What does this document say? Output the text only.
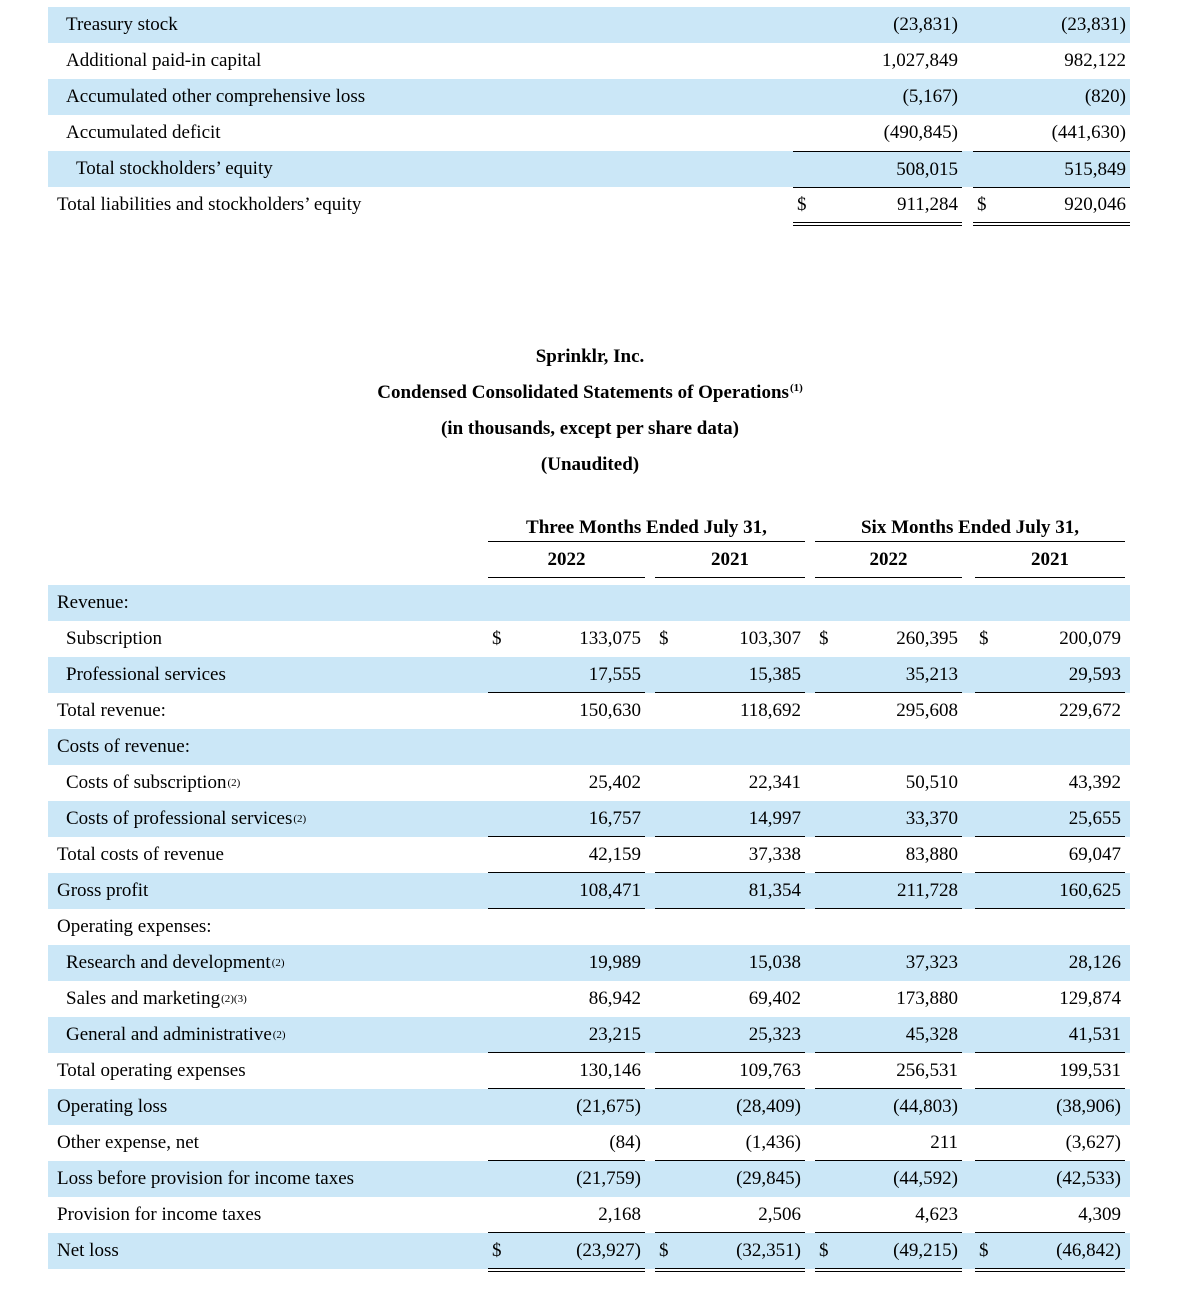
Treasury stock	(23,831)	(23,831)
Additional paid-in capital	1,027,849	982,122
Accumulated other comprehensive loss	(5,167)	(820)
Accumulated deficit	(490,845)	(441,630)
Total stockholders’ equity	508,015	515,849
Total liabilities and stockholders’ equity	$	911,284 $	920,046
Sprinklr, Inc.
Condensed Consolidated Statements of Operations$^{(1)}$
(in thousands, except per share data)
(Unaudited)
Three Months Ended July 31,	Six Months Ended July 31,
2022	2021	2022	2021
Revenue:
Subscription	$	133,075 $	103,307 $	260,395 $	200,079
Professional services	17,555	15,385	35,213	29,593
Total revenue:	150,630	118,692	295,608	229,672
Costs of revenue:
Costs of subscription (2)	25,402	22,341	50,510	43,392
Costs of professional services (2)	16,757	14,997	33,370	25,655
Total costs of revenue	42,159	37,338	83,880	69,047
Gross profit	108,471	81,354	211,728	160,625
Operating expenses:
Research and development (2)	19,989	15,038	37,323	28,126
Sales and marketing (2)(3)	86,942	69,402	173,880	129,874
General and administrative (2)	23,215	25,323	45,328	41,531
Total operating expenses	130,146	109,763	256,531	199,531
Operating loss	(21,675)	(28,409)	(44,803)	(38,906)
Other expense, net	(84)	(1,436)	211	(3,627)
Loss before provision for income taxes	(21,759)	(29,845)	(44,592)	(42,533)
Provision for income taxes	2,168	2,506	4,623	4,309
Net loss	$	(23,927) $	(32,351) $	(49,215) $	(46,842)
